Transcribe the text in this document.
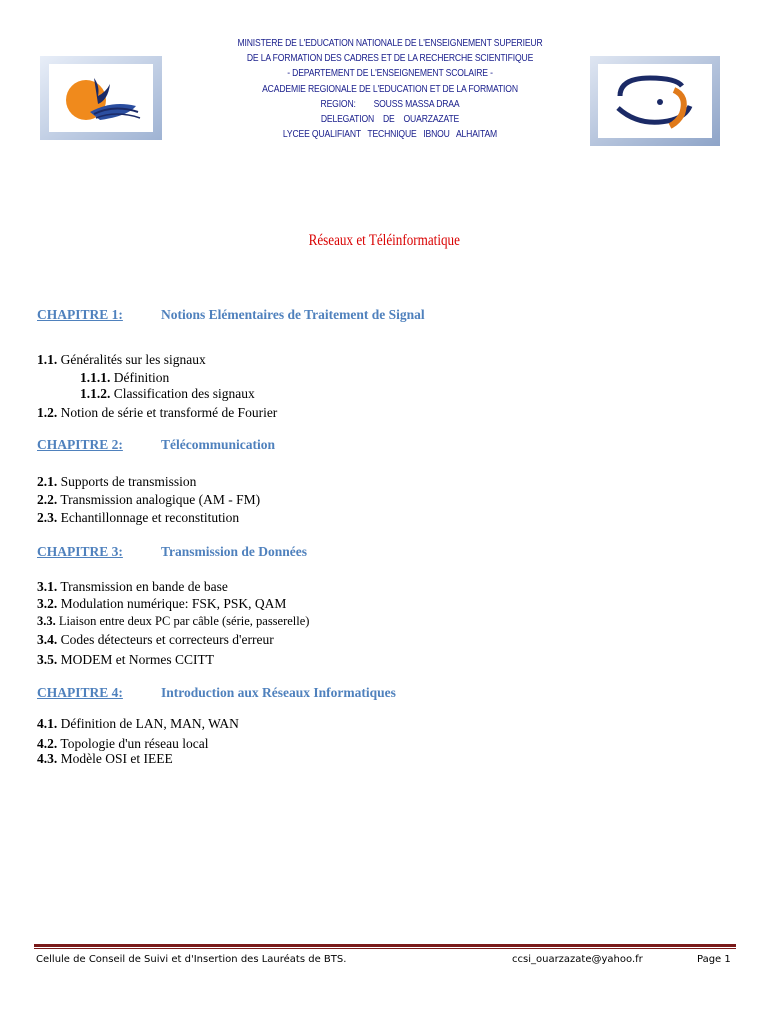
MINISTERE DE L'EDUCATION NATIONALE DE L'ENSEIGNEMENT SUPERIEUR
DE LA FORMATION DES CADRES ET DE LA RECHERCHE SCIENTIFIQUE
- DEPARTEMENT DE L'ENSEIGNEMENT SCOLAIRE -
ACADEMIE REGIONALE DE L'EDUCATION ET DE LA FORMATION
REGION:        SOUSS MASSA DRAA
DELEGATION    DE    OUARZAZATE
LYCEE QUALIFIANT   TECHNIQUE   IBNOU   ALHAITAM
Réseaux et Téléinformatique
CHAPITRE 1:	Notions Elémentaires de Traitement de Signal
1.1. Généralités sur les signaux
1.1.1. Définition
1.1.2. Classification des signaux
1.2. Notion de série et transformé de Fourier
CHAPITRE 2:	Télécommunication
2.1. Supports de transmission
2.2. Transmission analogique (AM - FM)
2.3. Echantillonnage et reconstitution
CHAPITRE 3:	Transmission de Données
3.1. Transmission en bande de base
3.2. Modulation numérique: FSK, PSK, QAM
3.3. Liaison entre deux PC par câble (série, passerelle)
3.4. Codes détecteurs et correcteurs d'erreur
3.5. MODEM et Normes CCITT
CHAPITRE 4:	Introduction aux Réseaux Informatiques
4.1. Définition de LAN, MAN, WAN
4.2. Topologie d'un réseau local
4.3. Modèle OSI et IEEE
Cellule de Conseil de Suivi et d'Insertion des Lauréats de BTS.	ccsi_ouarzazate@yahoo.fr	Page 1
